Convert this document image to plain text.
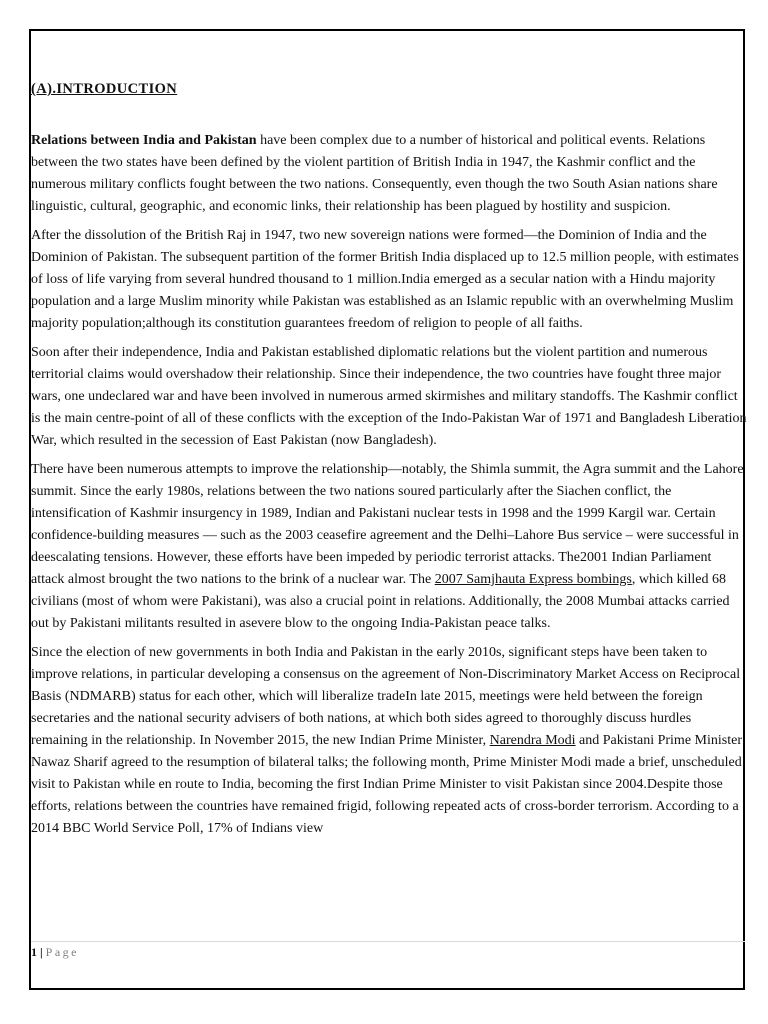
(A).INTRODUCTION

Relations between India and Pakistan have been complex due to a number of historical and political events. Relations between the two states have been defined by the violent partition of British India in 1947, the Kashmir conflict and the numerous military conflicts fought between the two nations. Consequently, even though the two South Asian nations share linguistic, cultural, geographic, and economic links, their relationship has been plagued by hostility and suspicion.

After the dissolution of the British Raj in 1947, two new sovereign nations were formed—the Dominion of India and the Dominion of Pakistan. The subsequent partition of the former British India displaced up to 12.5 million people, with estimates of loss of life varying from several hundred thousand to 1 million.India emerged as a secular nation with a Hindu majority population and a large Muslim minority while Pakistan was established as an Islamic republic with an overwhelming Muslim majority population;although its constitution guarantees freedom of religion to people of all faiths.

Soon after their independence, India and Pakistan established diplomatic relations but the violent partition and numerous territorial claims would overshadow their relationship. Since their independence, the two countries have fought three major wars, one undeclared war and have been involved in numerous armed skirmishes and military standoffs. The Kashmir conflict is the main centre-point of all of these conflicts with the exception of the Indo-Pakistan War of 1971 and Bangladesh Liberation War, which resulted in the secession of East Pakistan (now Bangladesh).

There have been numerous attempts to improve the relationship—notably, the Shimla summit, the Agra summit and the Lahore summit. Since the early 1980s, relations between the two nations soured particularly after the Siachen conflict, the intensification of Kashmir insurgency in 1989, Indian and Pakistani nuclear tests in 1998 and the 1999 Kargil war. Certain confidence-building measures — such as the 2003 ceasefire agreement and the Delhi–Lahore Bus service – were successful in deescalating tensions. However, these efforts have been impeded by periodic terrorist attacks. The2001 Indian Parliament attack almost brought the two nations to the brink of a nuclear war. The 2007 Samjhauta Express bombings, which killed 68 civilians (most of whom were Pakistani), was also a crucial point in relations. Additionally, the 2008 Mumbai attacks carried out by Pakistani militants resulted in asevere blow to the ongoing India-Pakistan peace talks.

Since the election of new governments in both India and Pakistan in the early 2010s, significant steps have been taken to improve relations, in particular developing a consensus on the agreement of Non-Discriminatory Market Access on Reciprocal Basis (NDMARB) status for each other, which will liberalize tradeIn late 2015, meetings were held between the foreign secretaries and the national security advisers of both nations, at which both sides agreed to thoroughly discuss hurdles remaining in the relationship. In November 2015, the new Indian Prime Minister, Narendra Modi and Pakistani Prime Minister Nawaz Sharif agreed to the resumption of bilateral talks; the following month, Prime Minister Modi made a brief, unscheduled visit to Pakistan while en route to India, becoming the first Indian Prime Minister to visit Pakistan since 2004.Despite those efforts, relations between the countries have remained frigid, following repeated acts of cross-border terrorism. According to a 2014 BBC World Service Poll, 17% of Indians view

1 | Page
